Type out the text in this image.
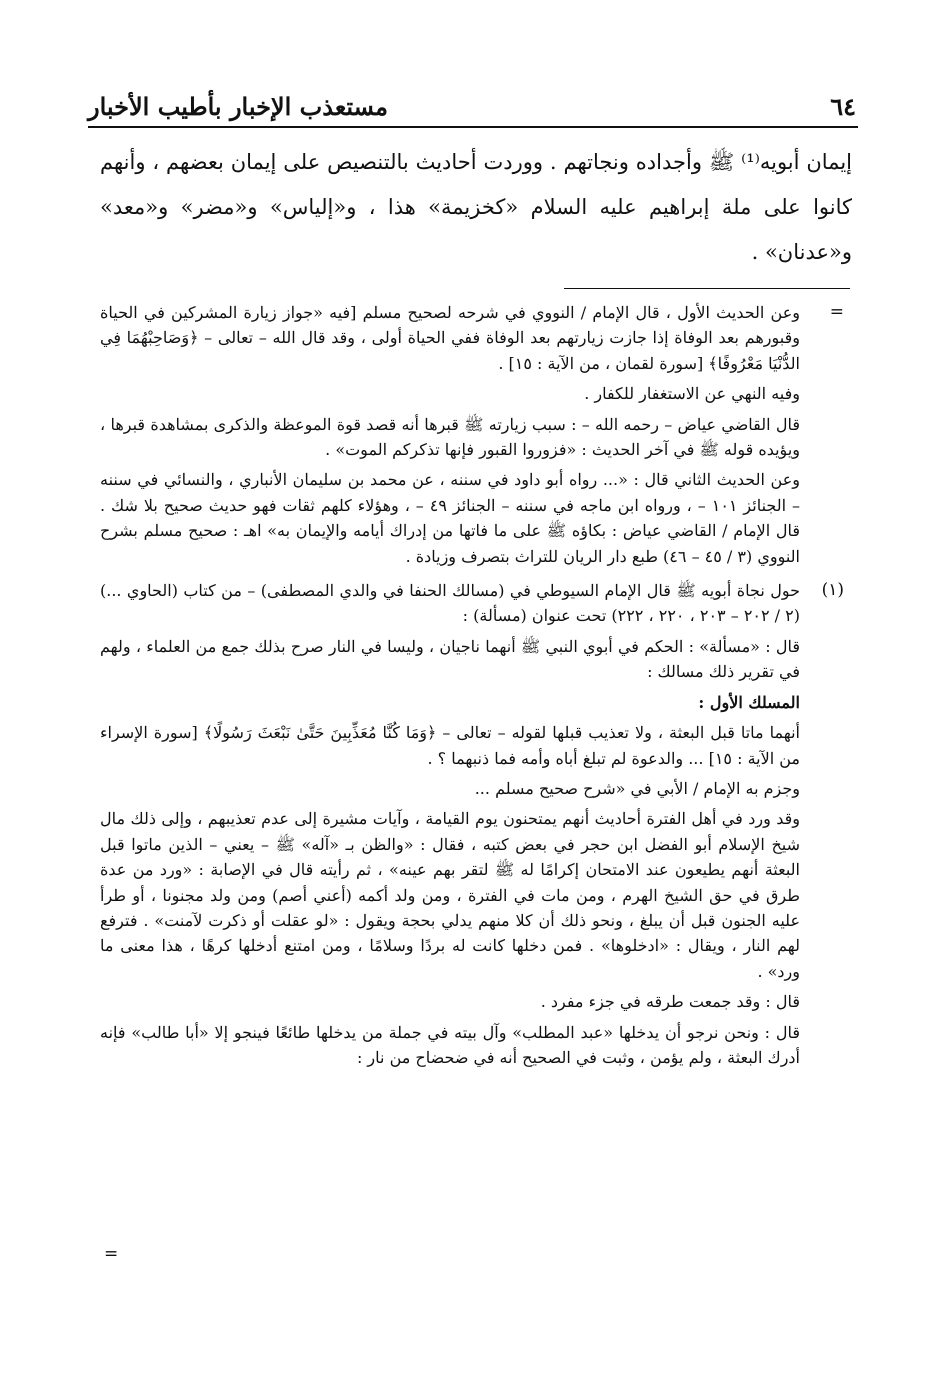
٦٤
مستعذب الإخبار بأطيب الأخبار

إيمان أبويه⁽¹⁾ ﷺ وأجداده ونجاتهم . ووردت أحاديث بالتنصيص على إيمان بعضهم ، وأنهم كانوا على ملة إبراهيم عليه السلام «كخزيمة» هذا ، و«إلياس» و«مضر» و«معد» و«عدنان» .

=

وعن الحديث الأول ، قال الإمام / النووي في شرحه لصحيح مسلم [فيه «جواز زيارة المشركين في الحياة وقبورهم بعد الوفاة إذا جازت زيارتهم بعد الوفاة ففي الحياة أولى ، وقد قال الله – تعالى – ﴿وَصَاحِبْهُمَا فِي الدُّنْيَا مَعْرُوفًا﴾ [سورة لقمان ، من الآية : ١٥] .

وفيه النهي عن الاستغفار للكفار .

قال القاضي عياض – رحمه الله – : سبب زيارته ﷺ قبرها أنه قصد قوة الموعظة والذكرى بمشاهدة قبرها ، ويؤيده قوله ﷺ في آخر الحديث : «فزوروا القبور فإنها تذكركم الموت» .

وعن الحديث الثاني قال : «... رواه أبو داود في سننه ، عن محمد بن سليمان الأنباري ، والنسائي في سننه – الجنائز ١٠١ – ، ورواه ابن ماجه في سننه – الجنائز ٤٩ – ، وهؤلاء كلهم ثقات فهو حديث صحيح بلا شك . قال الإمام / القاضي عياض : بكاؤه ﷺ على ما فاتها من إدراك أيامه والإيمان به» اهـ : صحيح مسلم بشرح النووي (٣ / ٤٥ – ٤٦) طبع دار الريان للتراث بتصرف وزيادة .

(١)

حول نجاة أبويه ﷺ قال الإمام السيوطي في (مسالك الحنفا في والدي المصطفى) – من كتاب (الحاوي ...) (٢ / ٢٠٢ – ٢٠٣ ، ٢٢٠ ، ٢٢٢) تحت عنوان (مسألة) :

قال : «مسألة» : الحكم في أبوي النبي ﷺ أنهما ناجيان ، وليسا في النار صرح بذلك جمع من العلماء ، ولهم في تقرير ذلك مسالك :

المسلك الأول :

أنهما ماتا قبل البعثة ، ولا تعذيب قبلها لقوله – تعالى – ﴿وَمَا كُنَّا مُعَذِّبِينَ حَتَّىٰ نَبْعَثَ رَسُولًا﴾ [سورة الإسراء من الآية : ١٥] ... والدعوة لم تبلغ أباه وأمه فما ذنبهما ؟ .

وجزم به الإمام / الأبي في «شرح صحيح مسلم ...

وقد ورد في أهل الفترة أحاديث أنهم يمتحنون يوم القيامة ، وآيات مشيرة إلى عدم تعذيبهم ، وإلى ذلك مال شيخ الإسلام أبو الفضل ابن حجر في بعض كتبه ، فقال : «والظن بـ «آله» ﷺ – يعني – الذين ماتوا قبل البعثة أنهم يطيعون عند الامتحان إكرامًا له ﷺ لتقر بهم عينه» ، ثم رأيته قال في الإصابة : «ورد من عدة طرق في حق الشيخ الهرم ، ومن مات في الفترة ، ومن ولد أكمه (أعني أصم) ومن ولد مجنونا ، أو طرأ عليه الجنون قبل أن يبلغ ، ونحو ذلك أن كلا منهم يدلي بحجة ويقول : «لو عقلت أو ذكرت لآمنت» . فترفع لهم النار ، ويقال : «ادخلوها» . فمن دخلها كانت له بردًا وسلامًا ، ومن امتنع أدخلها كرهًا ، هذا معنى ما ورد» .

قال : وقد جمعت طرقه في جزء مفرد .

قال : ونحن نرجو أن يدخلها «عبد المطلب» وآل بيته في جملة من يدخلها طائعًا فينجو إلا «أبا طالب» فإنه أدرك البعثة ، ولم يؤمن ، وثبت في الصحيح أنه في ضحضاح من نار :

=
